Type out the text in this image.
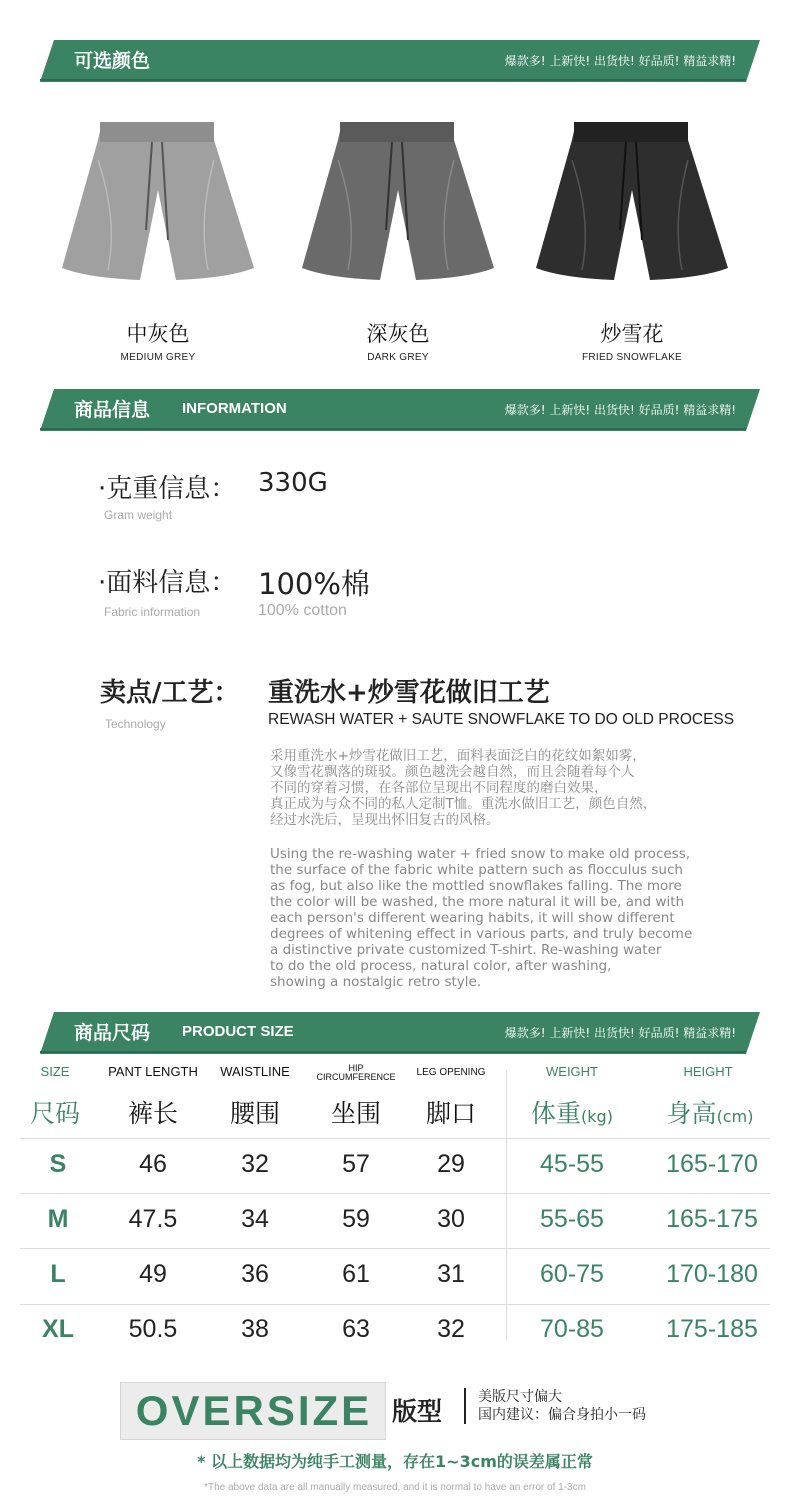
可选颜色	爆款多! 上新快! 出货快! 好品质! 精益求精!
中灰色
MEDIUM GREY
深灰色
DARK GREY
炒雪花
FRIED SNOWFLAKE
商品信息 INFORMATION	爆款多! 上新快! 出货快! 好品质! 精益求精!
·克重信息： 330G
Gram weight
·面料信息： 100%棉
Fabric information	100% cotton
卖点/工艺： 重洗水+炒雪花做旧工艺
Technology	REWASH WATER + SAUTE SNOWFLAKE TO DO OLD PROCESS
采用重洗水+炒雪花做旧工艺，面料表面泛白的花纹如絮如雾，
又像雪花飘落的斑驳。颜色越洗会越自然，而且会随着每个人
不同的穿着习惯，在各部位呈现出不同程度的磨白效果，
真正成为与众不同的私人定制T恤。重洗水做旧工艺，颜色自然，
经过水洗后，呈现出怀旧复古的风格。
Using the re-washing water + fried snow to make old process,
the surface of the fabric white pattern such as flocculus such
as fog, but also like the mottled snowflakes falling. The more
the color will be washed, the more natural it will be, and with
each person's different wearing habits, it will show different
degrees of whitening effect in various parts, and truly become
a distinctive private customized T-shirt. Re-washing water
to do the old process, natural color, after washing,
showing a nostalgic retro style.
商品尺码 PRODUCT SIZE	爆款多! 上新快! 出货快! 好品质! 精益求精!
SIZE	PANT LENGTH	WAISTLINE	HIP
CIRCUMFERENCE	LEG OPENING	WEIGHT	HEIGHT
尺码	裤长	腰围	坐围	脚口	体重(kg)	身高(cm)
S	46	32	57	29	45-55	165-170
M	47.5	34	59	30	55-65	165-175
L	49	36	61	31	60-75	170-180
XL	50.5	38	63	32	70-85	175-185
OVERSIZE 版型	美版尺寸偏大
国内建议：偏合身拍小一码
* 以上数据均为纯手工测量，存在1~3cm的误差属正常
*The above data are all manually measured, and it is normal to have an error of 1-3cm
